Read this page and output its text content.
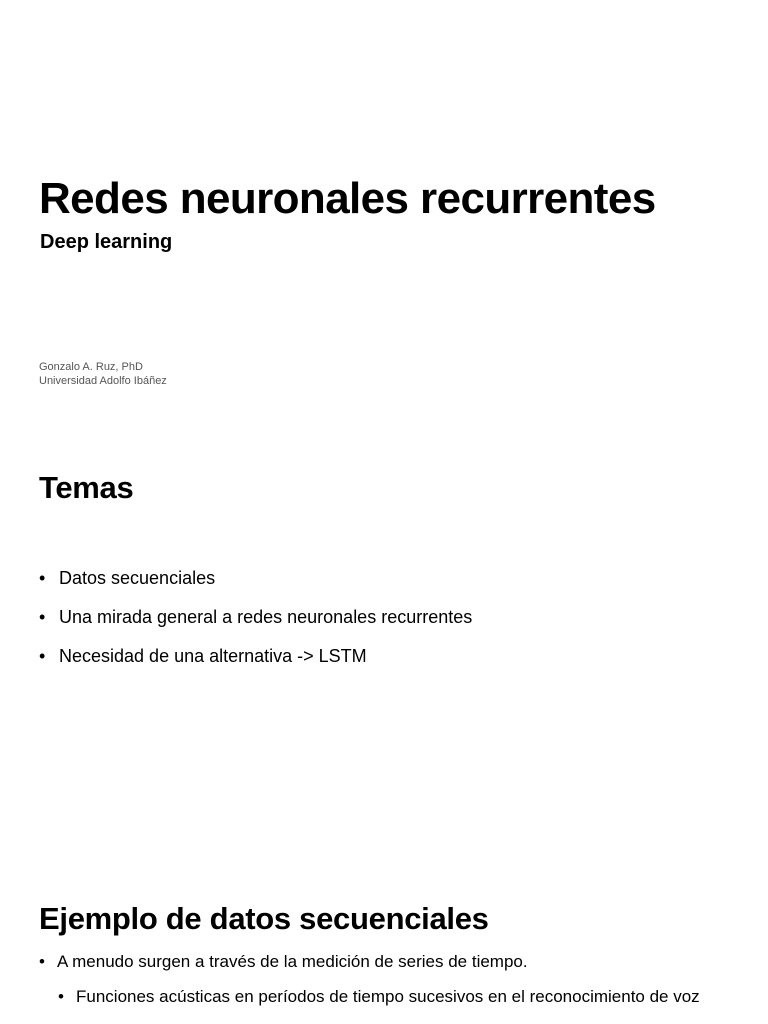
Redes neuronales recurrentes
Deep learning
Gonzalo A. Ruz, PhD
Universidad Adolfo Ibáñez
Temas
• Datos secuenciales
• Una mirada general a redes neuronales recurrentes
• Necesidad de una alternativa -> LSTM
Ejemplo de datos secuenciales
• A menudo surgen a través de la medición de series de tiempo.
• Funciones acústicas en períodos de tiempo sucesivos en el reconocimiento de voz
